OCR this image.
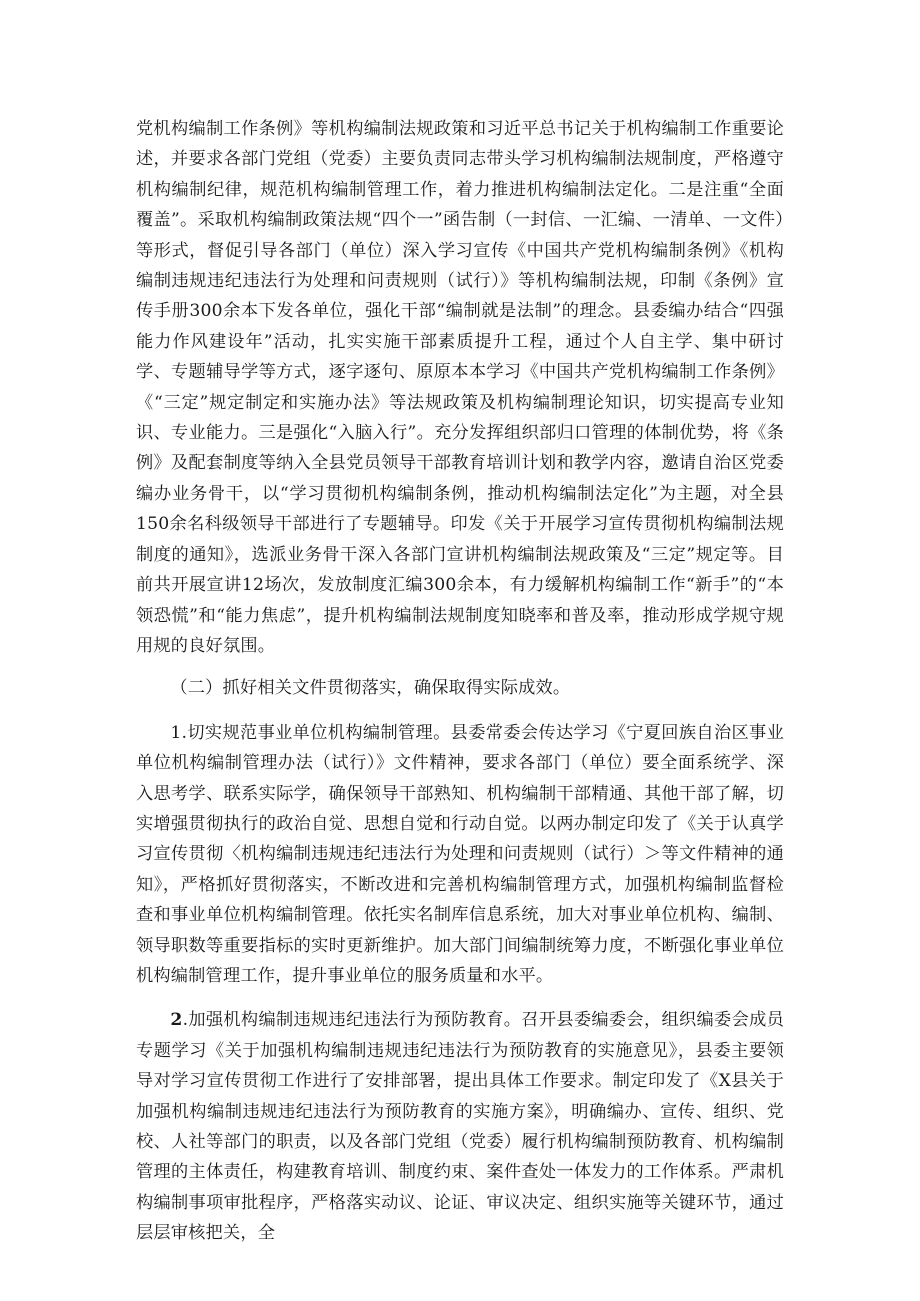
党机构编制工作条例》等机构编制法规政策和习近平总书记关于机构编制工作重要论述，并要求各部门党组（党委）主要负责同志带头学习机构编制法规制度，严格遵守机构编制纪律，规范机构编制管理工作，着力推进机构编制法定化。二是注重“全面覆盖”。采取机构编制政策法规“四个一”函告制（一封信、一汇编、一清单、一文件）等形式，督促引导各部门（单位）深入学习宣传《中国共产党机构编制条例》《机构编制违规违纪违法行为处理和问责规则（试行）》等机构编制法规，印制《条例》宣传手册300余本下发各单位，强化干部“编制就是法制”的理念。县委编办结合“四强能力作风建设年”活动，扎实实施干部素质提升工程，通过个人自主学、集中研讨学、专题辅导学等方式，逐字逐句、原原本本学习《中国共产党机构编制工作条例》《“三定”规定制定和实施办法》等法规政策及机构编制理论知识，切实提高专业知识、专业能力。三是强化“入脑入行”。充分发挥组织部归口管理的体制优势，将《条例》及配套制度等纳入全县党员领导干部教育培训计划和教学内容，邀请自治区党委编办业务骨干，以“学习贯彻机构编制条例，推动机构编制法定化”为主题，对全县150余名科级领导干部进行了专题辅导。印发《关于开展学习宣传贯彻机构编制法规制度的通知》，选派业务骨干深入各部门宣讲机构编制法规政策及“三定”规定等。目前共开展宣讲12场次，发放制度汇编300余本，有力缓解机构编制工作“新手”的“本领恐慌”和“能力焦虑”，提升机构编制法规制度知晓率和普及率，推动形成学规守规用规的良好氛围。

（二）抓好相关文件贯彻落实，确保取得实际成效。

1.切实规范事业单位机构编制管理。县委常委会传达学习《宁夏回族自治区事业单位机构编制管理办法（试行）》文件精神，要求各部门（单位）要全面系统学、深入思考学、联系实际学，确保领导干部熟知、机构编制干部精通、其他干部了解，切实增强贯彻执行的政治自觉、思想自觉和行动自觉。以两办制定印发了《关于认真学习宣传贯彻〈机构编制违规违纪违法行为处理和问责规则（试行）＞等文件精神的通知》，严格抓好贯彻落实，不断改进和完善机构编制管理方式，加强机构编制监督检查和事业单位机构编制管理。依托实名制库信息系统，加大对事业单位机构、编制、领导职数等重要指标的实时更新维护。加大部门间编制统筹力度，不断强化事业单位机构编制管理工作，提升事业单位的服务质量和水平。

2.加强机构编制违规违纪违法行为预防教育。召开县委编委会，组织编委会成员专题学习《关于加强机构编制违规违纪违法行为预防教育的实施意见》，县委主要领导对学习宣传贯彻工作进行了安排部署，提出具体工作要求。制定印发了《X县关于加强机构编制违规违纪违法行为预防教育的实施方案》，明确编办、宣传、组织、党校、人社等部门的职责，以及各部门党组（党委）履行机构编制预防教育、机构编制管理的主体责任，构建教育培训、制度约束、案件查处一体发力的工作体系。严肃机构编制事项审批程序，严格落实动议、论证、审议决定、组织实施等关键环节，通过层层审核把关，全
